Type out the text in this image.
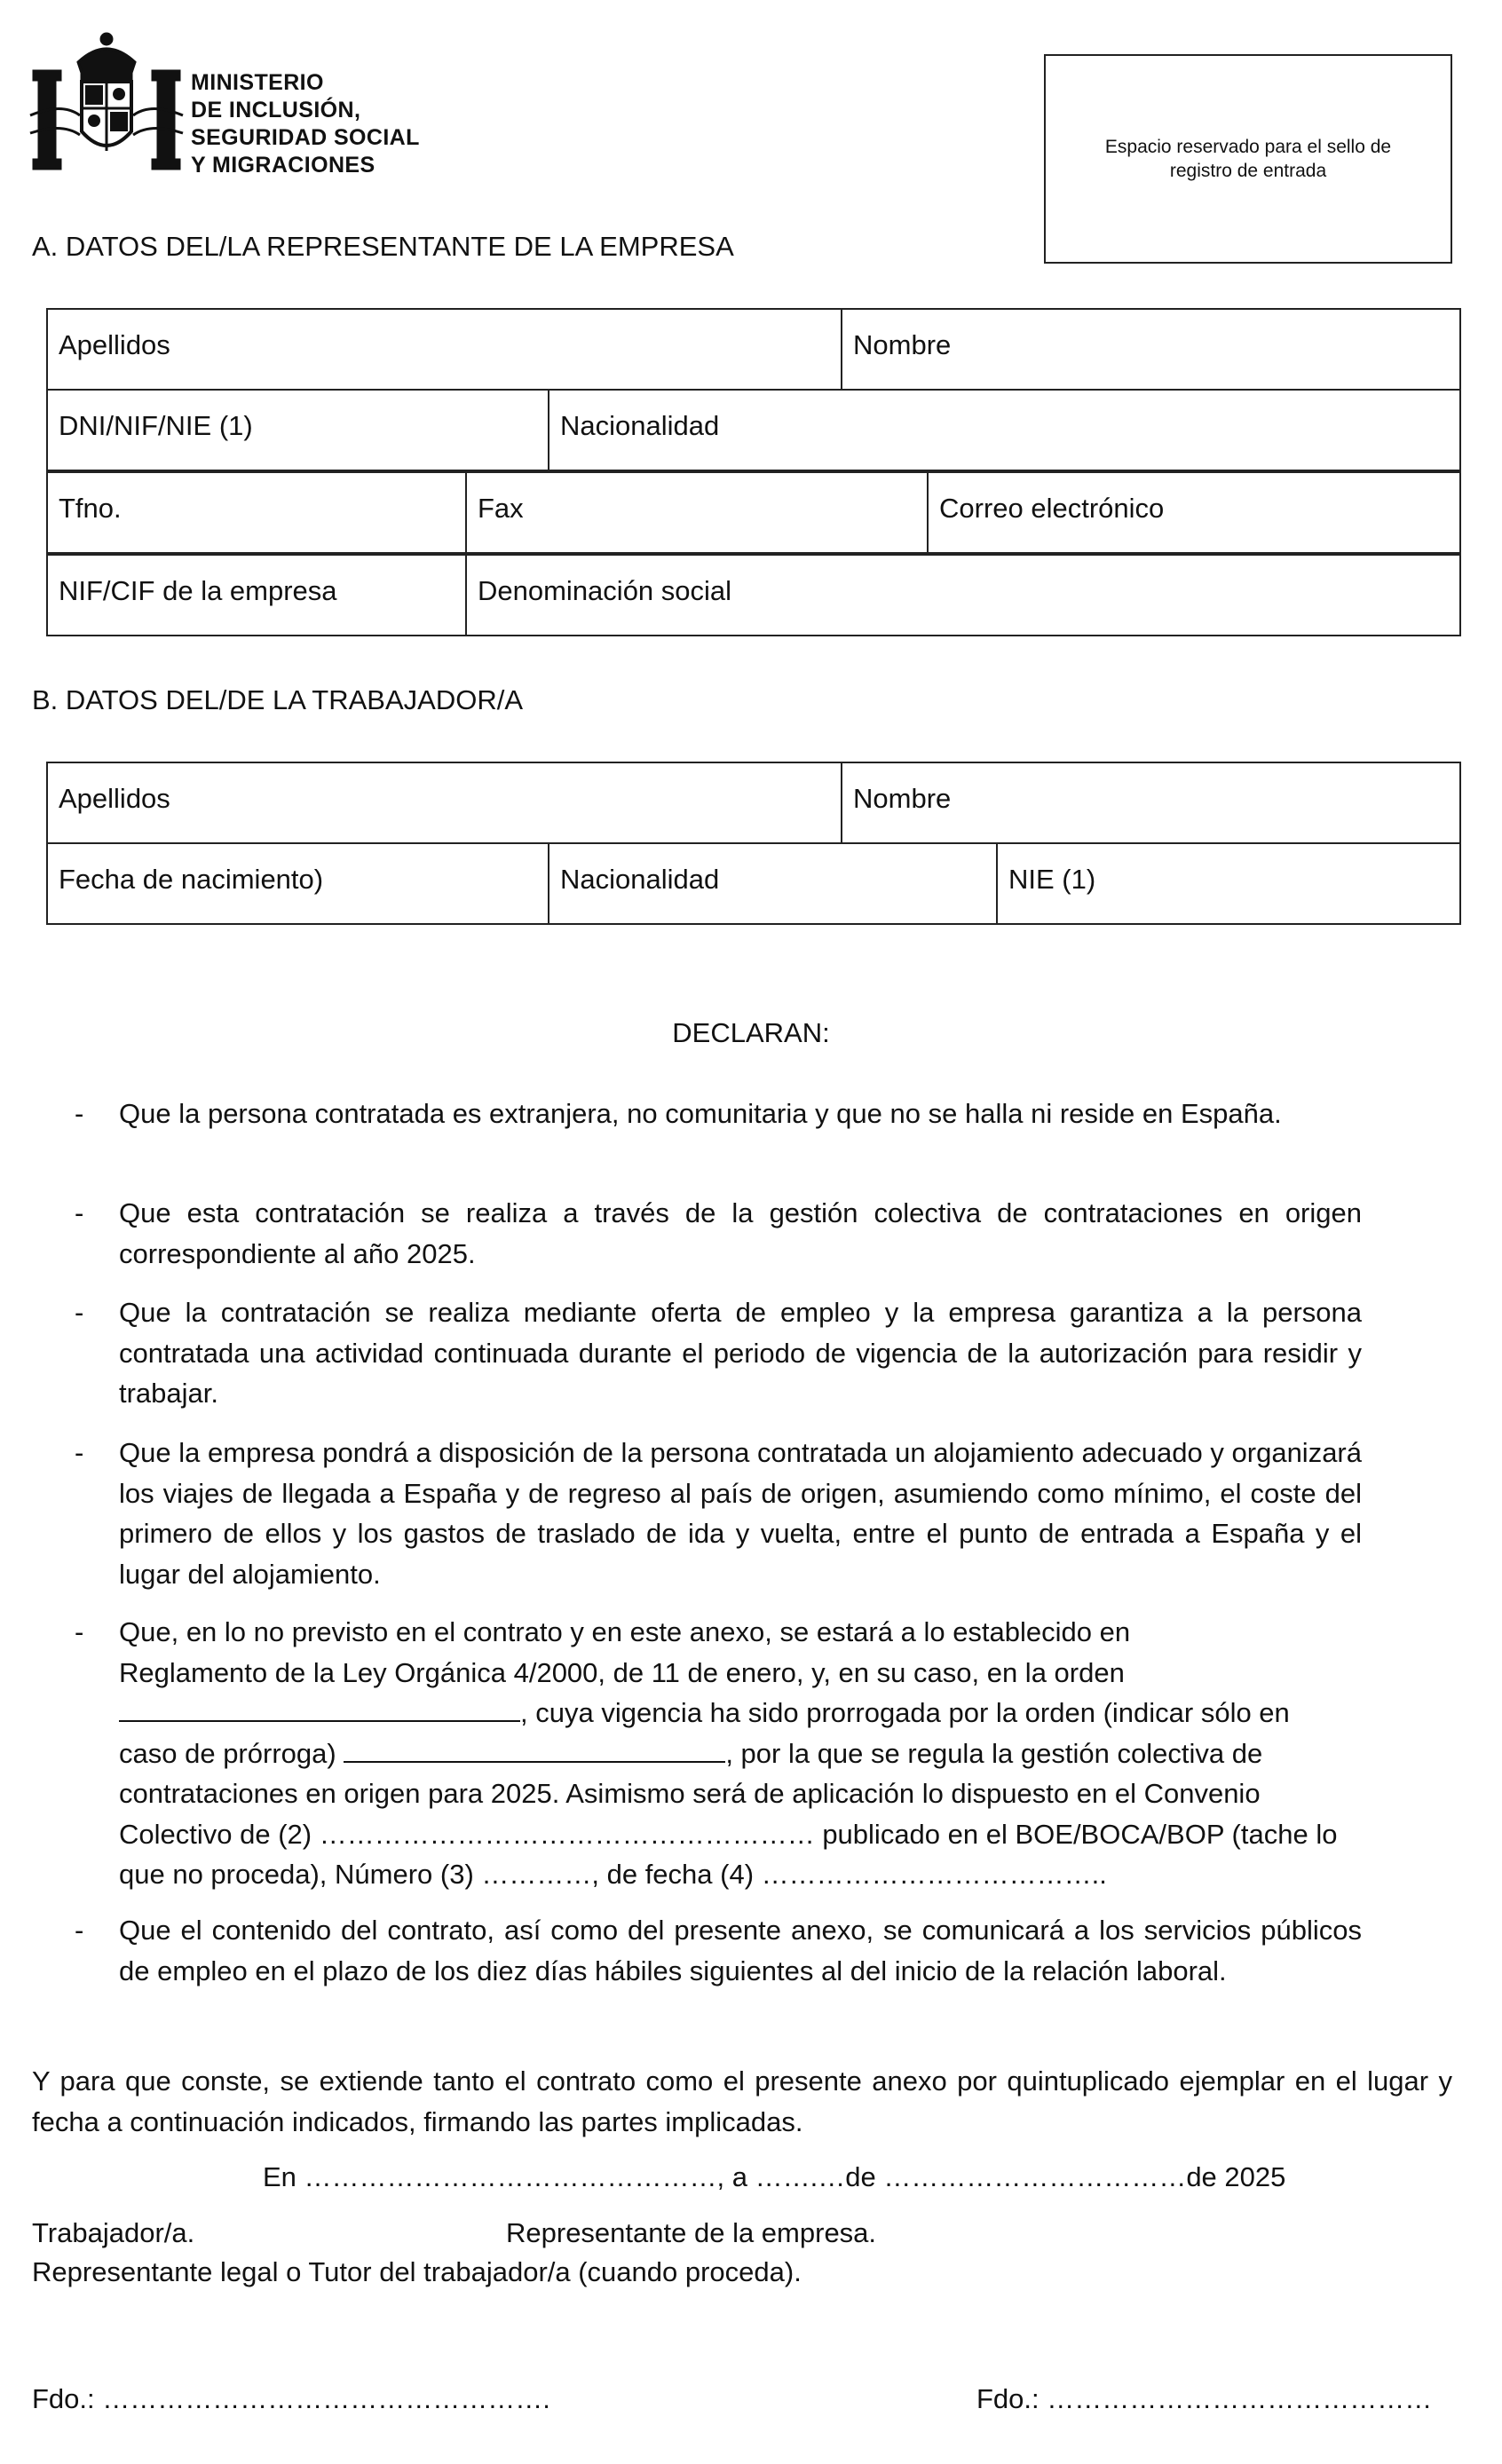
MINISTERIO
DE INCLUSIÓN,
SEGURIDAD SOCIAL
Y MIGRACIONES
Espacio reservado para el sello de registro de entrada
A. DATOS DEL/LA REPRESENTANTE DE LA EMPRESA
Apellidos	Nombre
DNI/NIF/NIE (1)	Nacionalidad
Tfno.	Fax	Correo electrónico
NIF/CIF de la empresa	Denominación social
B. DATOS DEL/DE LA TRABAJADOR/A
Apellidos	Nombre
Fecha de nacimiento)	Nacionalidad	NIE (1)
DECLARAN:
- Que la persona contratada es extranjera, no comunitaria y que no se halla ni reside en España.
- Que esta contratación se realiza a través de la gestión colectiva de contrataciones en origen correspondiente al año 2025.
- Que la contratación se realiza mediante oferta de empleo y la empresa garantiza a la persona contratada una actividad continuada durante el periodo de vigencia de la autorización para residir y trabajar.
- Que la empresa pondrá a disposición de la persona contratada un alojamiento adecuado y organizará los viajes de llegada a España y de regreso al país de origen, asumiendo como mínimo, el coste del primero de ellos y los gastos de traslado de ida y vuelta, entre el punto de entrada a España y el lugar del alojamiento.
- Que, en lo no previsto en el contrato y en este anexo, se estará a lo establecido en
Reglamento de la Ley Orgánica 4/2000, de 11 de enero, y, en su caso, en la orden
, cuya vigencia ha sido prorrogada por la orden (indicar sólo en
caso de prórroga)	, por la que se regula la gestión colectiva de
contrataciones en origen para 2025. Asimismo será de aplicación lo dispuesto en el Convenio
Colectivo de (2) ……………………………………………… publicado en el BOE/BOCA/BOP (tache lo
que no proceda), Número (3) …………, de fecha (4) ………………………………..
- Que el contenido del contrato, así como del presente anexo, se comunicará a los servicios públicos de empleo en el plazo de los diez días hábiles siguientes al del inicio de la relación laboral.
Y para que conste, se extiende tanto el contrato como el presente anexo por quintuplicado ejemplar en el lugar y fecha a continuación indicados, firmando las partes implicadas.
En ………………………………………, a …….…de ……………………………de 2025
Trabajador/a.	Representante de la empresa.
Representante legal o Tutor del trabajador/a (cuando proceda).
Fdo.: ………………………………………….	Fdo.: ……………………………………
